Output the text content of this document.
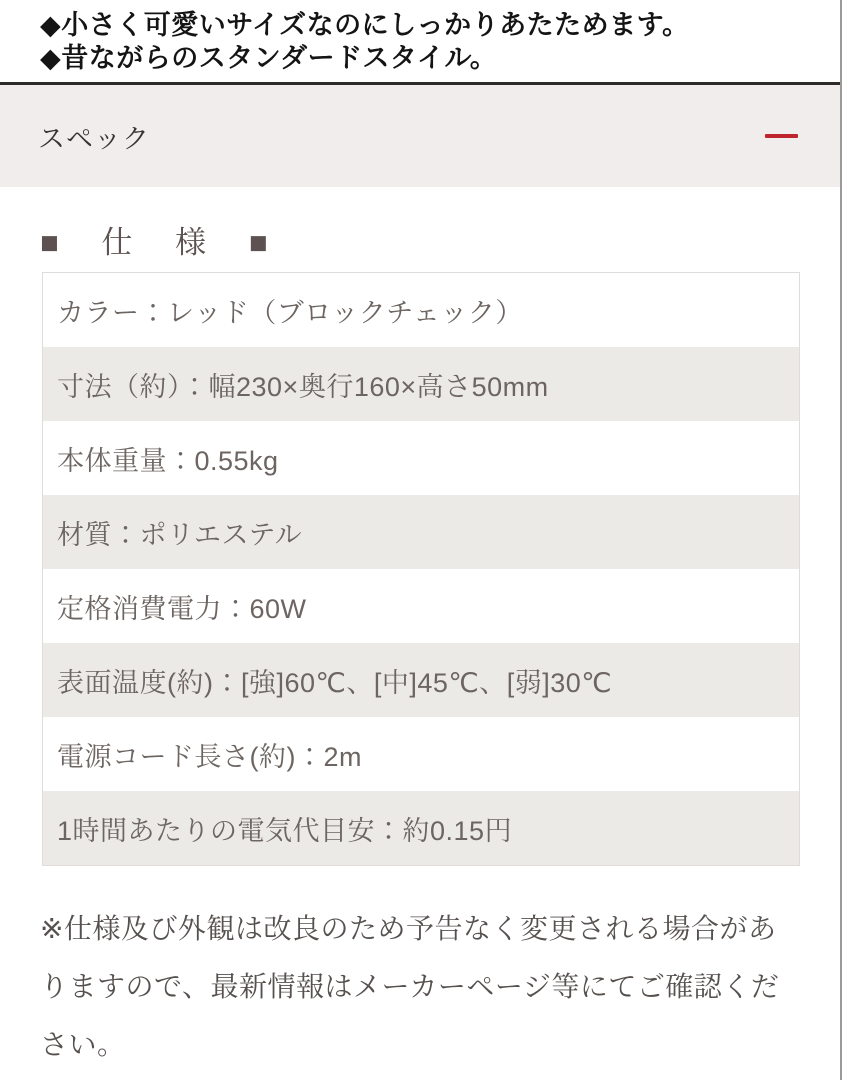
◆小さく可愛いサイズなのにしっかりあたためます。

◆昔ながらのスタンダードスタイル。

スペック
■ 仕 様 ■
カラー：レッド（ブロックチェック）
寸法（約）：幅230×奥行160×高さ50mm
本体重量：0.55kg
材質：ポリエステル
定格消費電力：60W
表面温度(約)：[強]60℃、[中]45℃、[弱]30℃
電源コード長さ(約)：2m
1時間あたりの電気代目安：約0.15円

※仕様及び外観は改良のため予告なく変更される場合がありますので、最新情報はメーカーページ等にてご確認ください。
